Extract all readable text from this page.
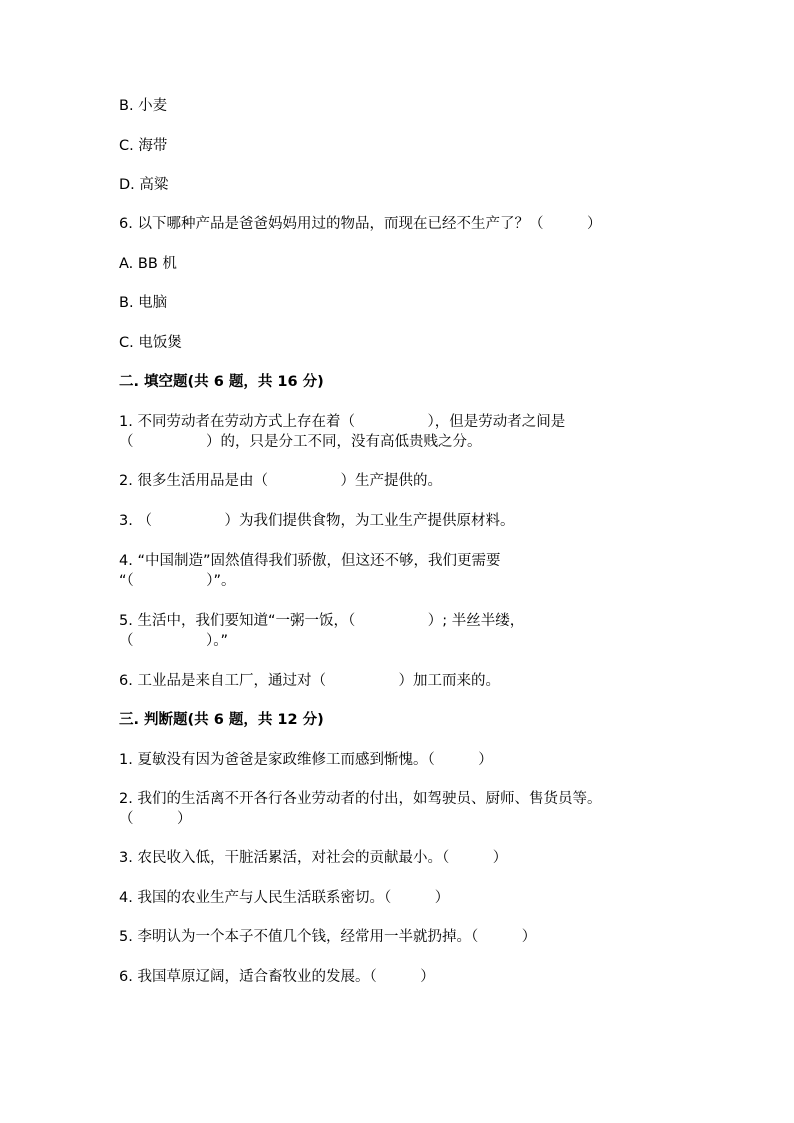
B. 小麦
C. 海带
D. 高粱
6. 以下哪种产品是爸爸妈妈用过的物品，而现在已经不生产了？（　　　）
A. BB 机
B. 电脑
C. 电饭煲
二. 填空题(共 6 题，共 16 分)
1. 不同劳动者在劳动方式上存在着（　　　　　），但是劳动者之间是
（　　　　　）的，只是分工不同，没有高低贵贱之分。
2. 很多生活用品是由（　　　　　）生产提供的。
3. （　　　　　）为我们提供食物，为工业生产提供原材料。
4. “中国制造”固然值得我们骄傲，但这还不够，我们更需要
“（　　　　　）”。
5. 生活中，我们要知道“一粥一饭，（　　　　　）; 半丝半缕，
（　　　　　）。”
6. 工业品是来自工厂，通过对（　　　　　）加工而来的。
三. 判断题(共 6 题，共 12 分)
1. 夏敏没有因为爸爸是家政维修工而感到惭愧。（　　　）
2. 我们的生活离不开各行各业劳动者的付出，如驾驶员、厨师、售货员等。
（　　　）
3. 农民收入低，干脏活累活，对社会的贡献最小。（　　　）
4. 我国的农业生产与人民生活联系密切。（　　　）
5. 李明认为一个本子不值几个钱，经常用一半就扔掉。（　　　）
6. 我国草原辽阔，适合畜牧业的发展。（　　　）
